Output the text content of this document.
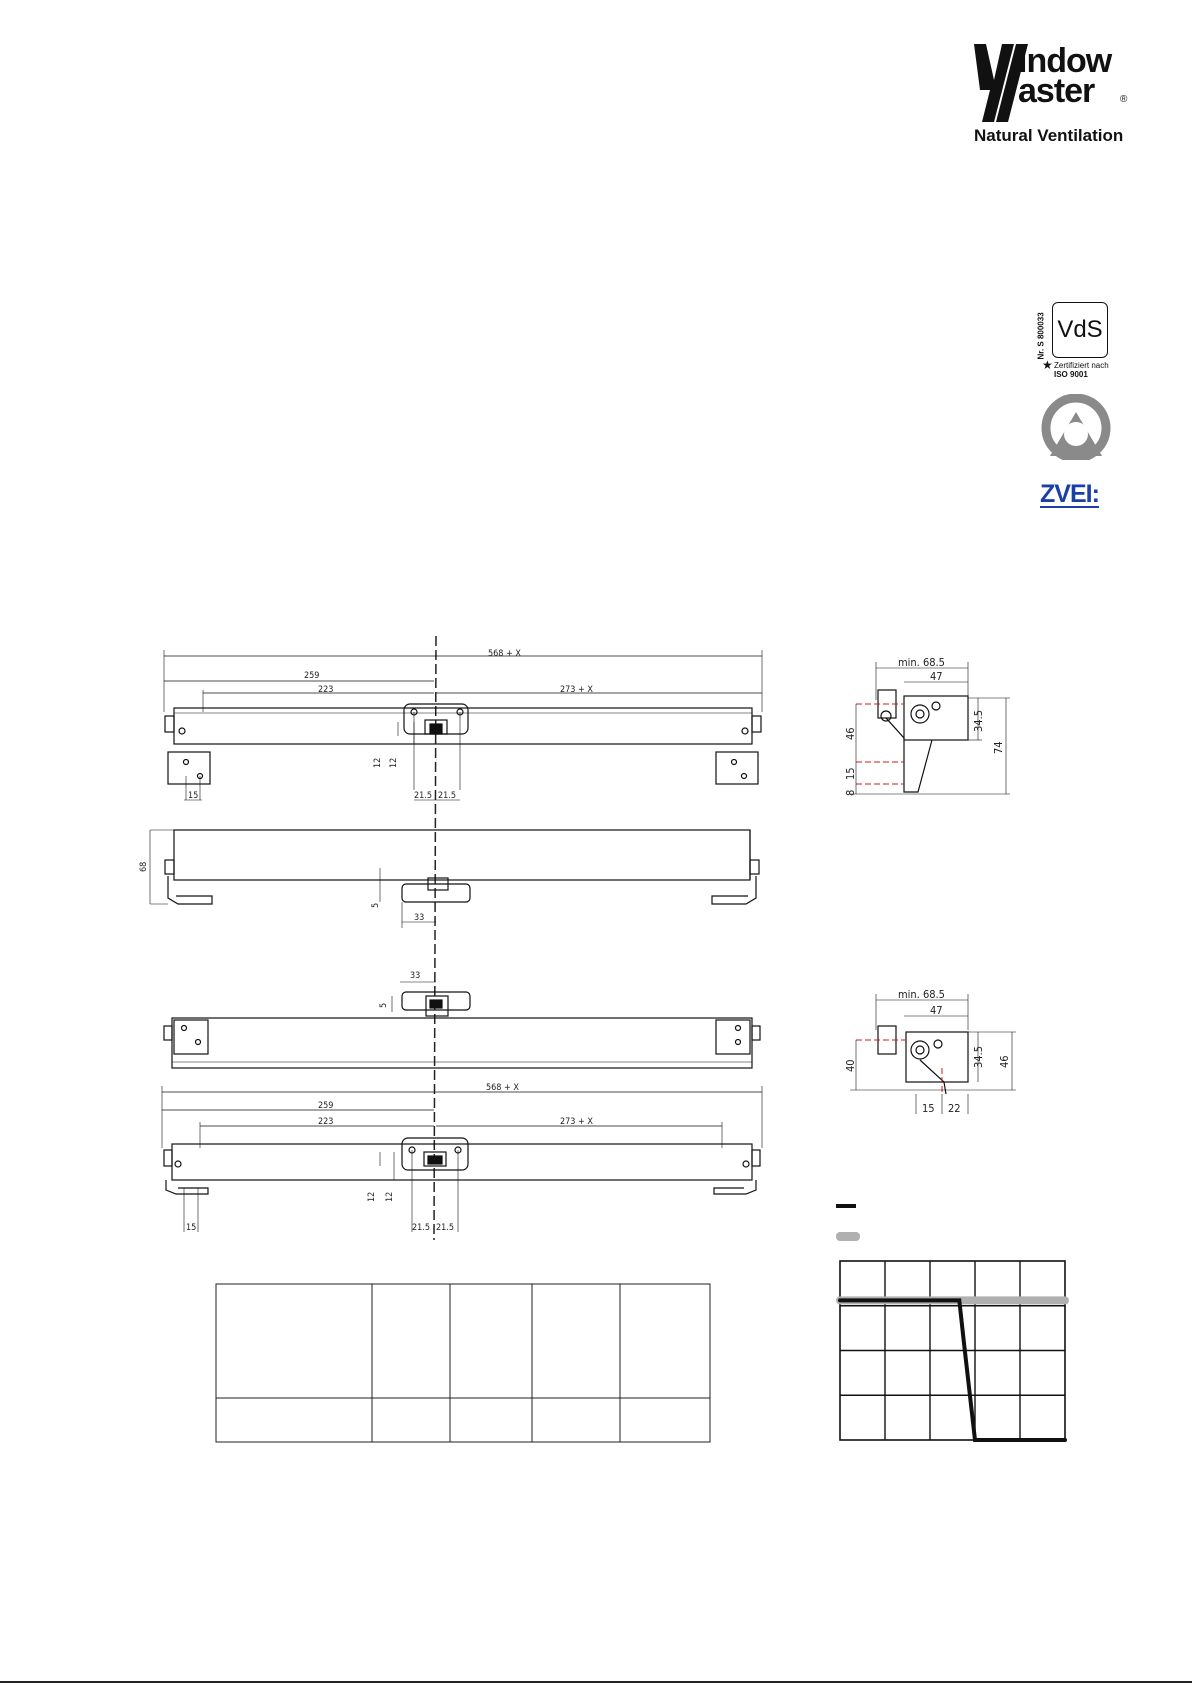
indow
aster	®
Natural Ventilation
Nr. S 800033 VdS
★ Zertifiziert nach
ISO 9001
ZVEI:
568 + X
259
223	273 + X
12 12
15	21.5 21.5
68
5
33
33
5
568 + X
259
223	273 + X
12 12
15	21.5 21.5
min. 68.5
47
46
34.5
74
15
8
min. 68.5
47
40	34.5 46
15 22
